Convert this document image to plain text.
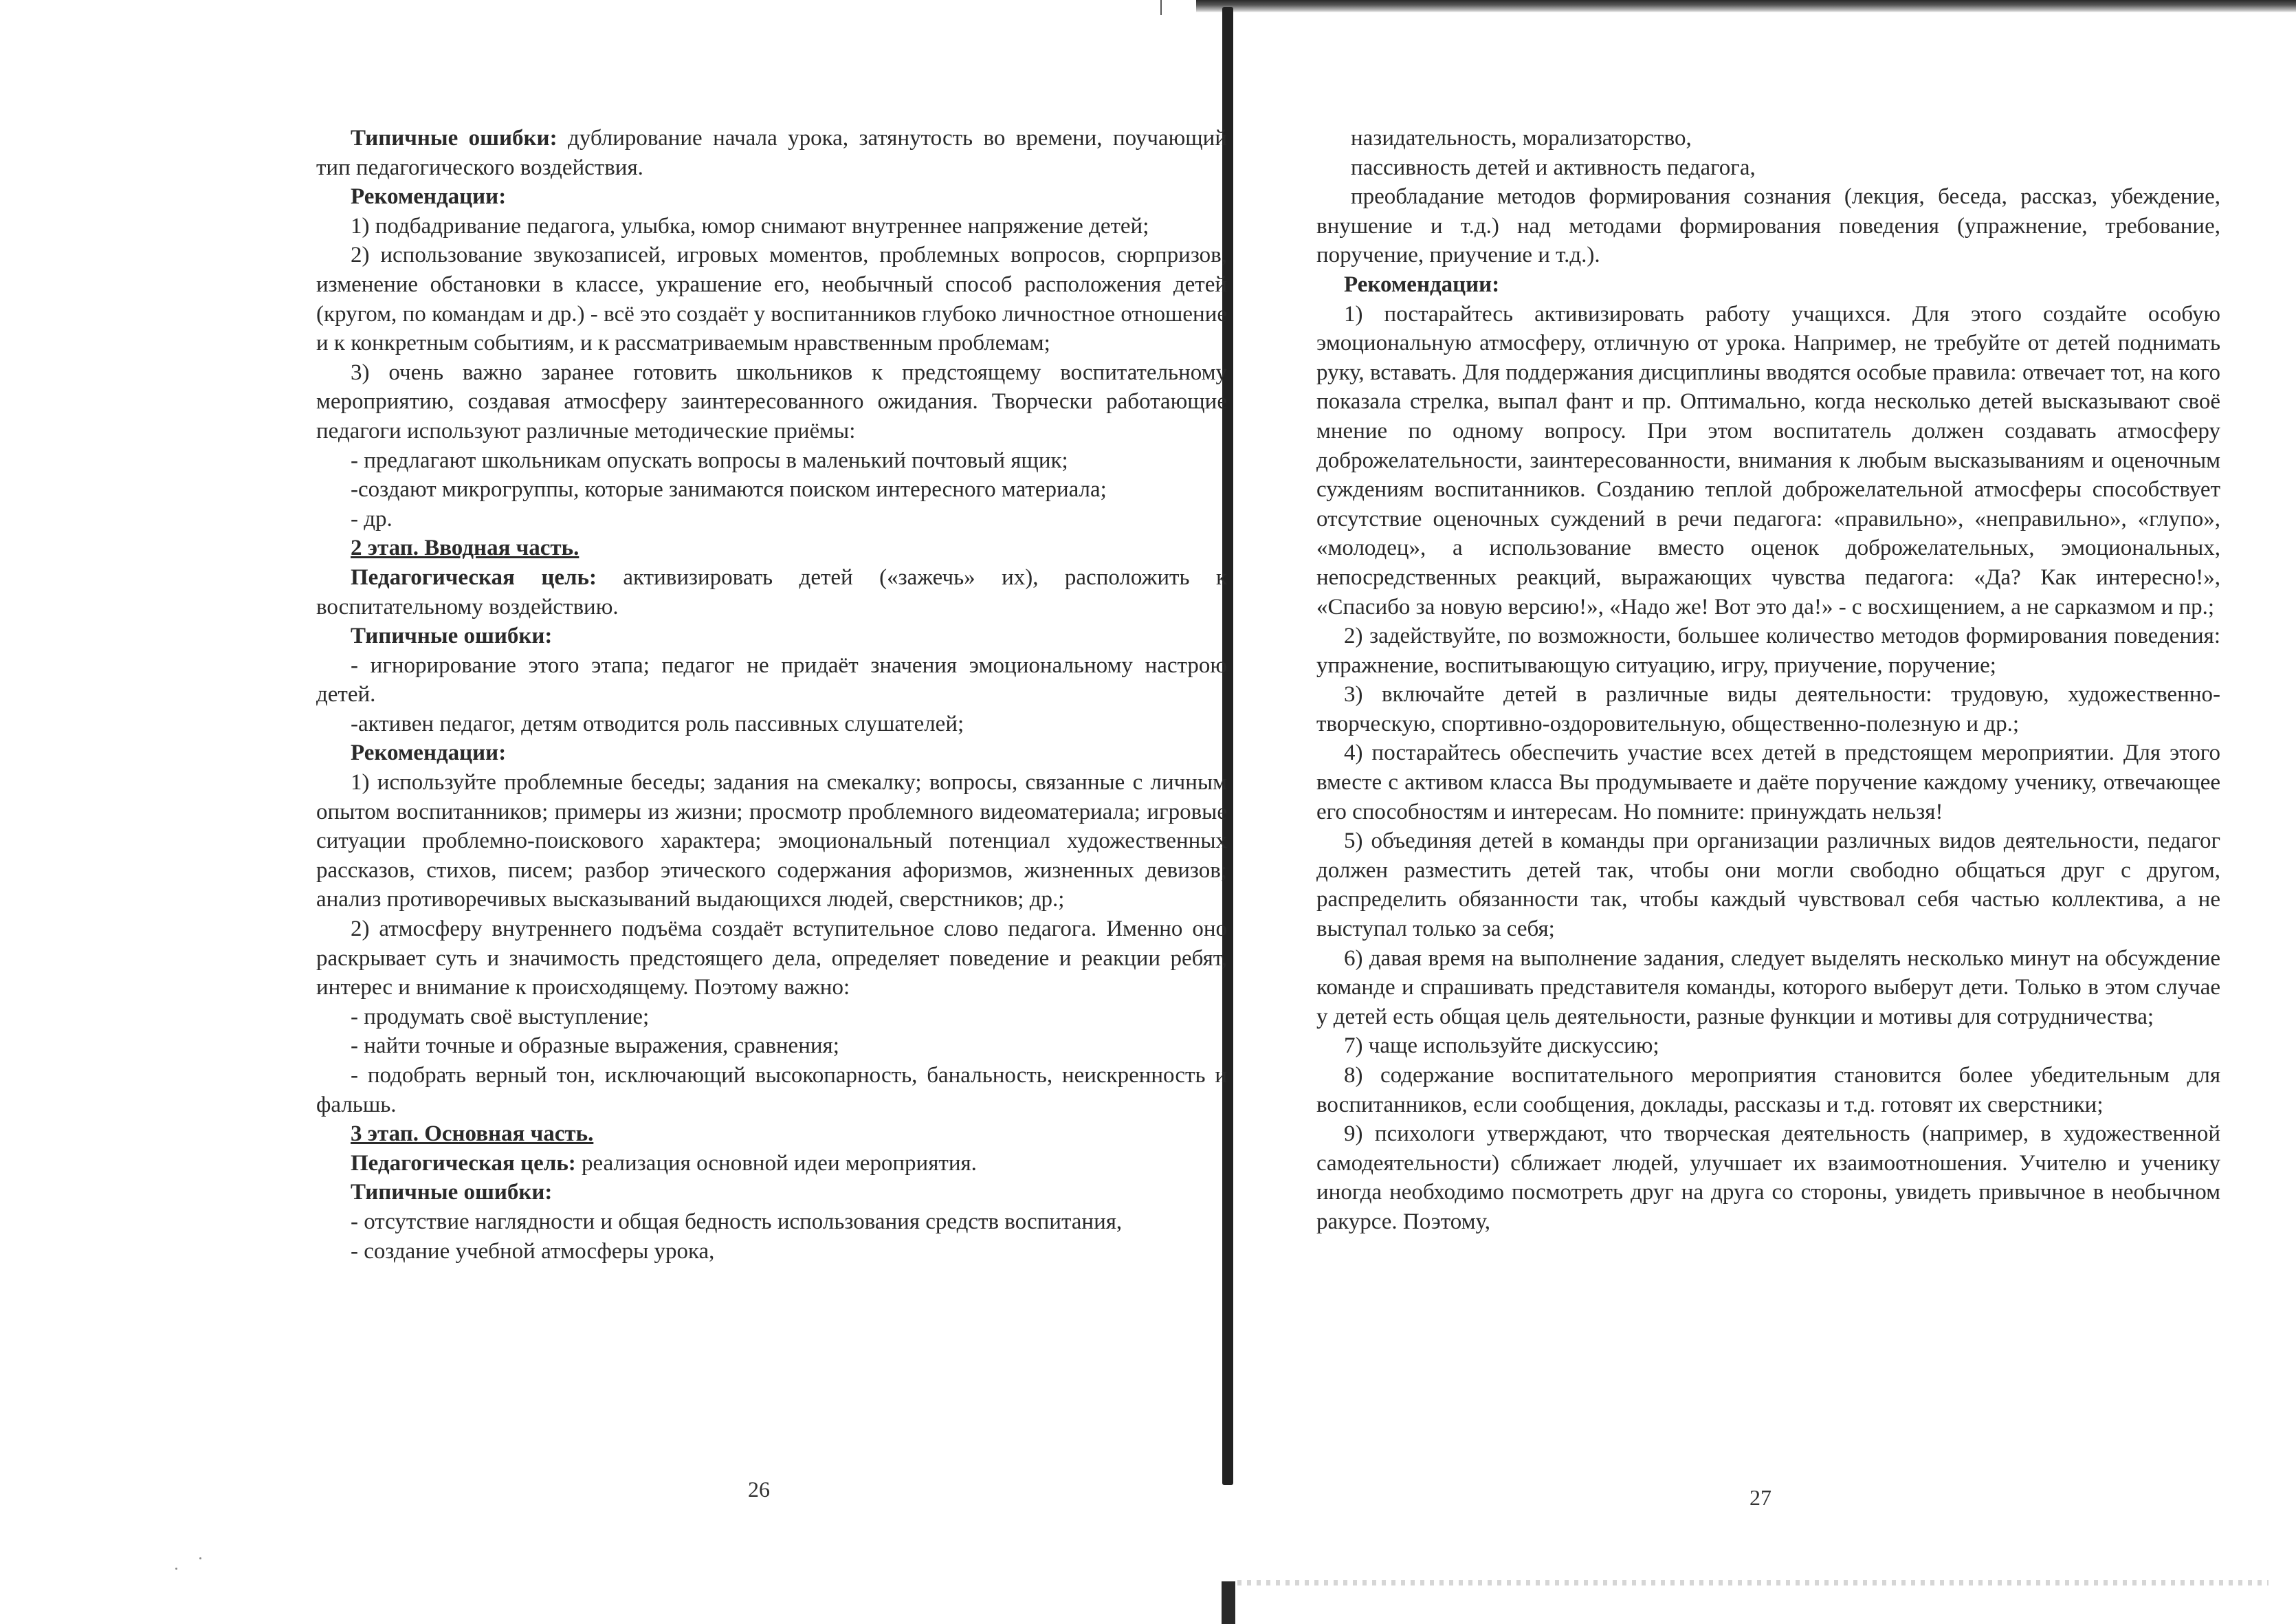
Типичные ошибки: дублирование начала урока, затянутость во времени, поучающий тип педагогического воздействия.

Рекомендации:

1) подбадривание педагога, улыбка, юмор снимают внутреннее напряжение детей;

2) использование звукозаписей, игровых моментов, проблемных вопросов, сюрпризов, изменение обстановки в классе, украшение его, необычный способ расположения детей (кругом, по командам и др.) - всё это создаёт у воспитанников глубоко личностное отношение и к конкретным событиям, и к рассматриваемым нравственным проблемам;

3) очень важно заранее готовить школьников к предстоящему воспитательному мероприятию, создавая атмосферу заинтересованного ожидания. Творчески работающие педагоги используют различные методические приёмы:

- предлагают школьникам опускать вопросы в маленький почтовый ящик;

-создают микрогруппы, которые занимаются поиском интересного материала;

- др.

2 этап. Вводная часть.

Педагогическая цель: активизировать детей («зажечь» их), расположить к воспитательному воздействию.

Типичные ошибки:

- игнорирование этого этапа; педагог не придаёт значения эмоциональному настрою детей.

-активен педагог, детям отводится роль пассивных слушателей;

Рекомендации:

1) используйте проблемные беседы; задания на смекалку; вопросы, связанные с личным опытом воспитанников; примеры из жизни; просмотр проблемного видеоматериала; игровые ситуации проблемно-поискового характера; эмоциональный потенциал художественных рассказов, стихов, писем; разбор этического содержания афоризмов, жизненных девизов; анализ противоречивых высказываний выдающихся людей, сверстников; др.;

2) атмосферу внутреннего подъёма создаёт вступительное слово педагога. Именно оно раскрывает суть и значимость предстоящего дела, определяет поведение и реакции ребят, интерес и внимание к происходящему. Поэтому важно:

- продумать своё выступление;

- найти точные и образные выражения, сравнения;

- подобрать верный тон, исключающий высокопарность, банальность, неискренность и фальшь.

3 этап. Основная часть.

Педагогическая цель: реализация основной идеи мероприятия.

Типичные ошибки:

- отсутствие наглядности и общая бедность использования средств воспитания,

- создание учебной атмосферы урока,

назидательность, морализаторство,

пассивность детей и активность педагога,

преобладание методов формирования сознания (лекция, беседа, рассказ, убеждение, внушение и т.д.) над методами формирования поведения (упражнение, требование, поручение, приучение и т.д.).

Рекомендации:

1) постарайтесь активизировать работу учащихся. Для этого создайте особую эмоциональную атмосферу, отличную от урока. Например, не требуйте от детей поднимать руку, вставать. Для поддержания дисциплины вводятся особые правила: отвечает тот, на кого показала стрелка, выпал фант и пр. Оптимально, когда несколько детей высказывают своё мнение по одному вопросу. При этом воспитатель должен создавать атмосферу доброжелательности, заинтересованности, внимания к любым высказываниям и оценочным суждениям воспитанников. Созданию теплой доброжелательной атмосферы способствует отсутствие оценочных суждений в речи педагога: «правильно», «неправильно», «глупо», «молодец», а использование вместо оценок доброжелательных, эмоциональных, непосредственных реакций, выражающих чувства педагога: «Да? Как интересно!», «Спасибо за новую версию!», «Надо же! Вот это да!» - с восхищением, а не сарказмом и пр.;

2) задействуйте, по возможности, большее количество методов формирования поведения: упражнение, воспитывающую ситуацию, игру, приучение, поручение;

3) включайте детей в различные виды деятельности: трудовую, художественно-творческую, спортивно-оздоровительную, общественно-полезную и др.;

4) постарайтесь обеспечить участие всех детей в предстоящем мероприятии. Для этого вместе с активом класса Вы продумываете и даёте поручение каждому ученику, отвечающее его способностям и интересам. Но помните: принуждать нельзя!

5) объединяя детей в команды при организации различных видов деятельности, педагог должен разместить детей так, чтобы они могли свободно общаться друг с другом, распределить обязанности так, чтобы каждый чувствовал себя частью коллектива, а не выступал только за себя;

6) давая время на выполнение задания, следует выделять несколько минут на обсуждение команде и спрашивать представителя команды, которого выберут дети. Только в этом случае у детей есть общая цель деятельности, разные функции и мотивы для сотрудничества;

7) чаще используйте дискуссию;

8) содержание воспитательного мероприятия становится более убедительным для воспитанников, если сообщения, доклады, рассказы и т.д. готовят их сверстники;

9) психологи утверждают, что творческая деятельность (например, в художественной самодеятельности) сближает людей, улучшает их взаимоотношения. Учителю и ученику иногда необходимо посмотреть друг на друга со стороны, увидеть привычное в необычном ракурсе. Поэтому,

26	27
